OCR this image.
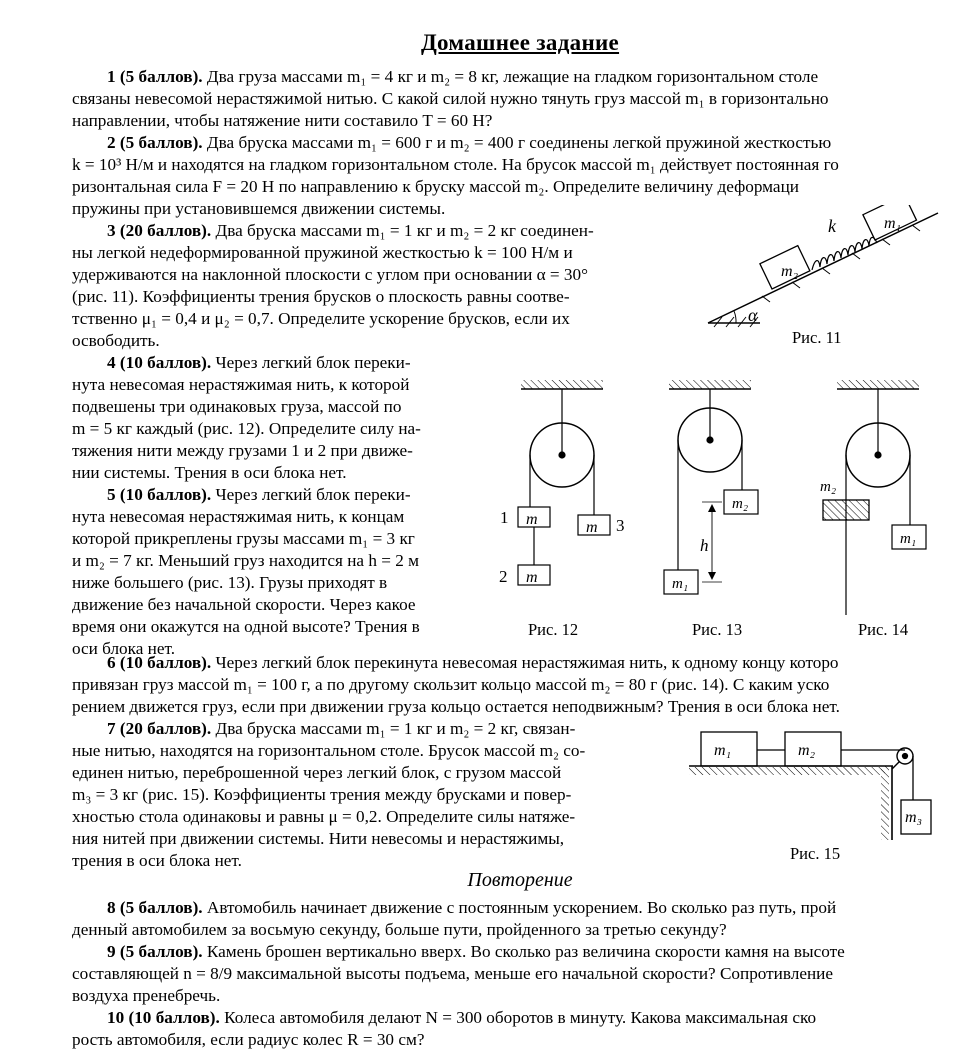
Домашнее задание
1 (5 баллов). Два груза массами m₁ = 4 кг и m₂ = 8 кг, лежащие на гладком горизонтальном столе
связаны невесомой нерастяжимой нитью. С какой силой нужно тянуть груз массой m₁ в горизонтально
направлении, чтобы натяжение нити составило T = 60 H?
2 (5 баллов). Два бруска массами m₁ = 600 г и m₂ = 400 г соединены легкой пружиной жесткостью
k = 10³ Н/м и находятся на гладком горизонтальном столе. На брусок массой m₁ действует постоянная го
ризонтальная сила F = 20 Н по направлению к бруску массой m₂. Определите величину деформаци
пружины при установившемся движении системы.
3 (20 баллов). Два бруска массами m₁ = 1 кг и m₂ = 2 кг соединен-
ны легкой недеформированной пружиной жесткостью k = 100 Н/м и
удерживаются на наклонной плоскости с углом при основании α = 30°
(рис. 11). Коэффициенты трения брусков о плоскость равны соотве-
тственно μ₁ = 0,4 и μ₂ = 0,7. Определите ускорение брусков, если их
освободить.
m₂
m₁
k
α
Рис. 11
4 (10 баллов). Через легкий блок переки-
нута невесомая нерастяжимая нить, к которой
подвешены три одинаковых груза, массой по
m = 5 кг каждый (рис. 12). Определите силу на-
тяжения нити между грузами 1 и 2 при движе-
нии системы. Трения в оси блока нет.
5 (10 баллов). Через легкий блок переки-
нута невесомая нерастяжимая нить, к концам
которой прикреплены грузы массами m₁ = 3 кг
и m₂ = 7 кг. Меньший груз находится на h = 2 м
ниже большего (рис. 13). Грузы приходят в
движение без начальной скорости. Через какое
время они окажутся на одной высоте? Трения в
оси блока нет.
m
m
m
1
2
3
m₁
m₂
h	m₁
m₂
Рис. 12	Рис. 13	Рис. 14
6 (10 баллов). Через легкий блок перекинута невесомая нерастяжимая нить, к одному концу которо
привязан груз массой m₁ = 100 г, а по другому скользит кольцо массой m₂ = 80 г (рис. 14). С каким уско
рением движется груз, если при движении груза кольцо остается неподвижным? Трения в оси блока нет.
7 (20 баллов). Два бруска массами m₁ = 1 кг и m₂ = 2 кг, связан-
ные нитью, находятся на горизонтальном столе. Брусок массой m₂ со-
единен нитью, переброшенной через легкий блок, с грузом массой
m₃ = 3 кг (рис. 15). Коэффициенты трения между брусками и повер-
хностью стола одинаковы и равны μ = 0,2. Определите силы натяже-
ния нитей при движении системы. Нити невесомы и нерастяжимы,
трения в оси блока нет.
m₁	m₂
m₃
Рис. 15
Повторение
8 (5 баллов). Автомобиль начинает движение с постоянным ускорением. Во сколько раз путь, прой
денный автомобилем за восьмую секунду, больше пути, пройденного за третью секунду?
9 (5 баллов). Камень брошен вертикально вверх. Во сколько раз величина скорости камня на высоте
составляющей n = 8/9 максимальной высоты подъема, меньше его начальной скорости? Сопротивление
воздуха пренебречь.
10 (10 баллов). Колеса автомобиля делают N = 300 оборотов в минуту. Какова максимальная ско
рость автомобиля, если радиус колес R = 30 см?
